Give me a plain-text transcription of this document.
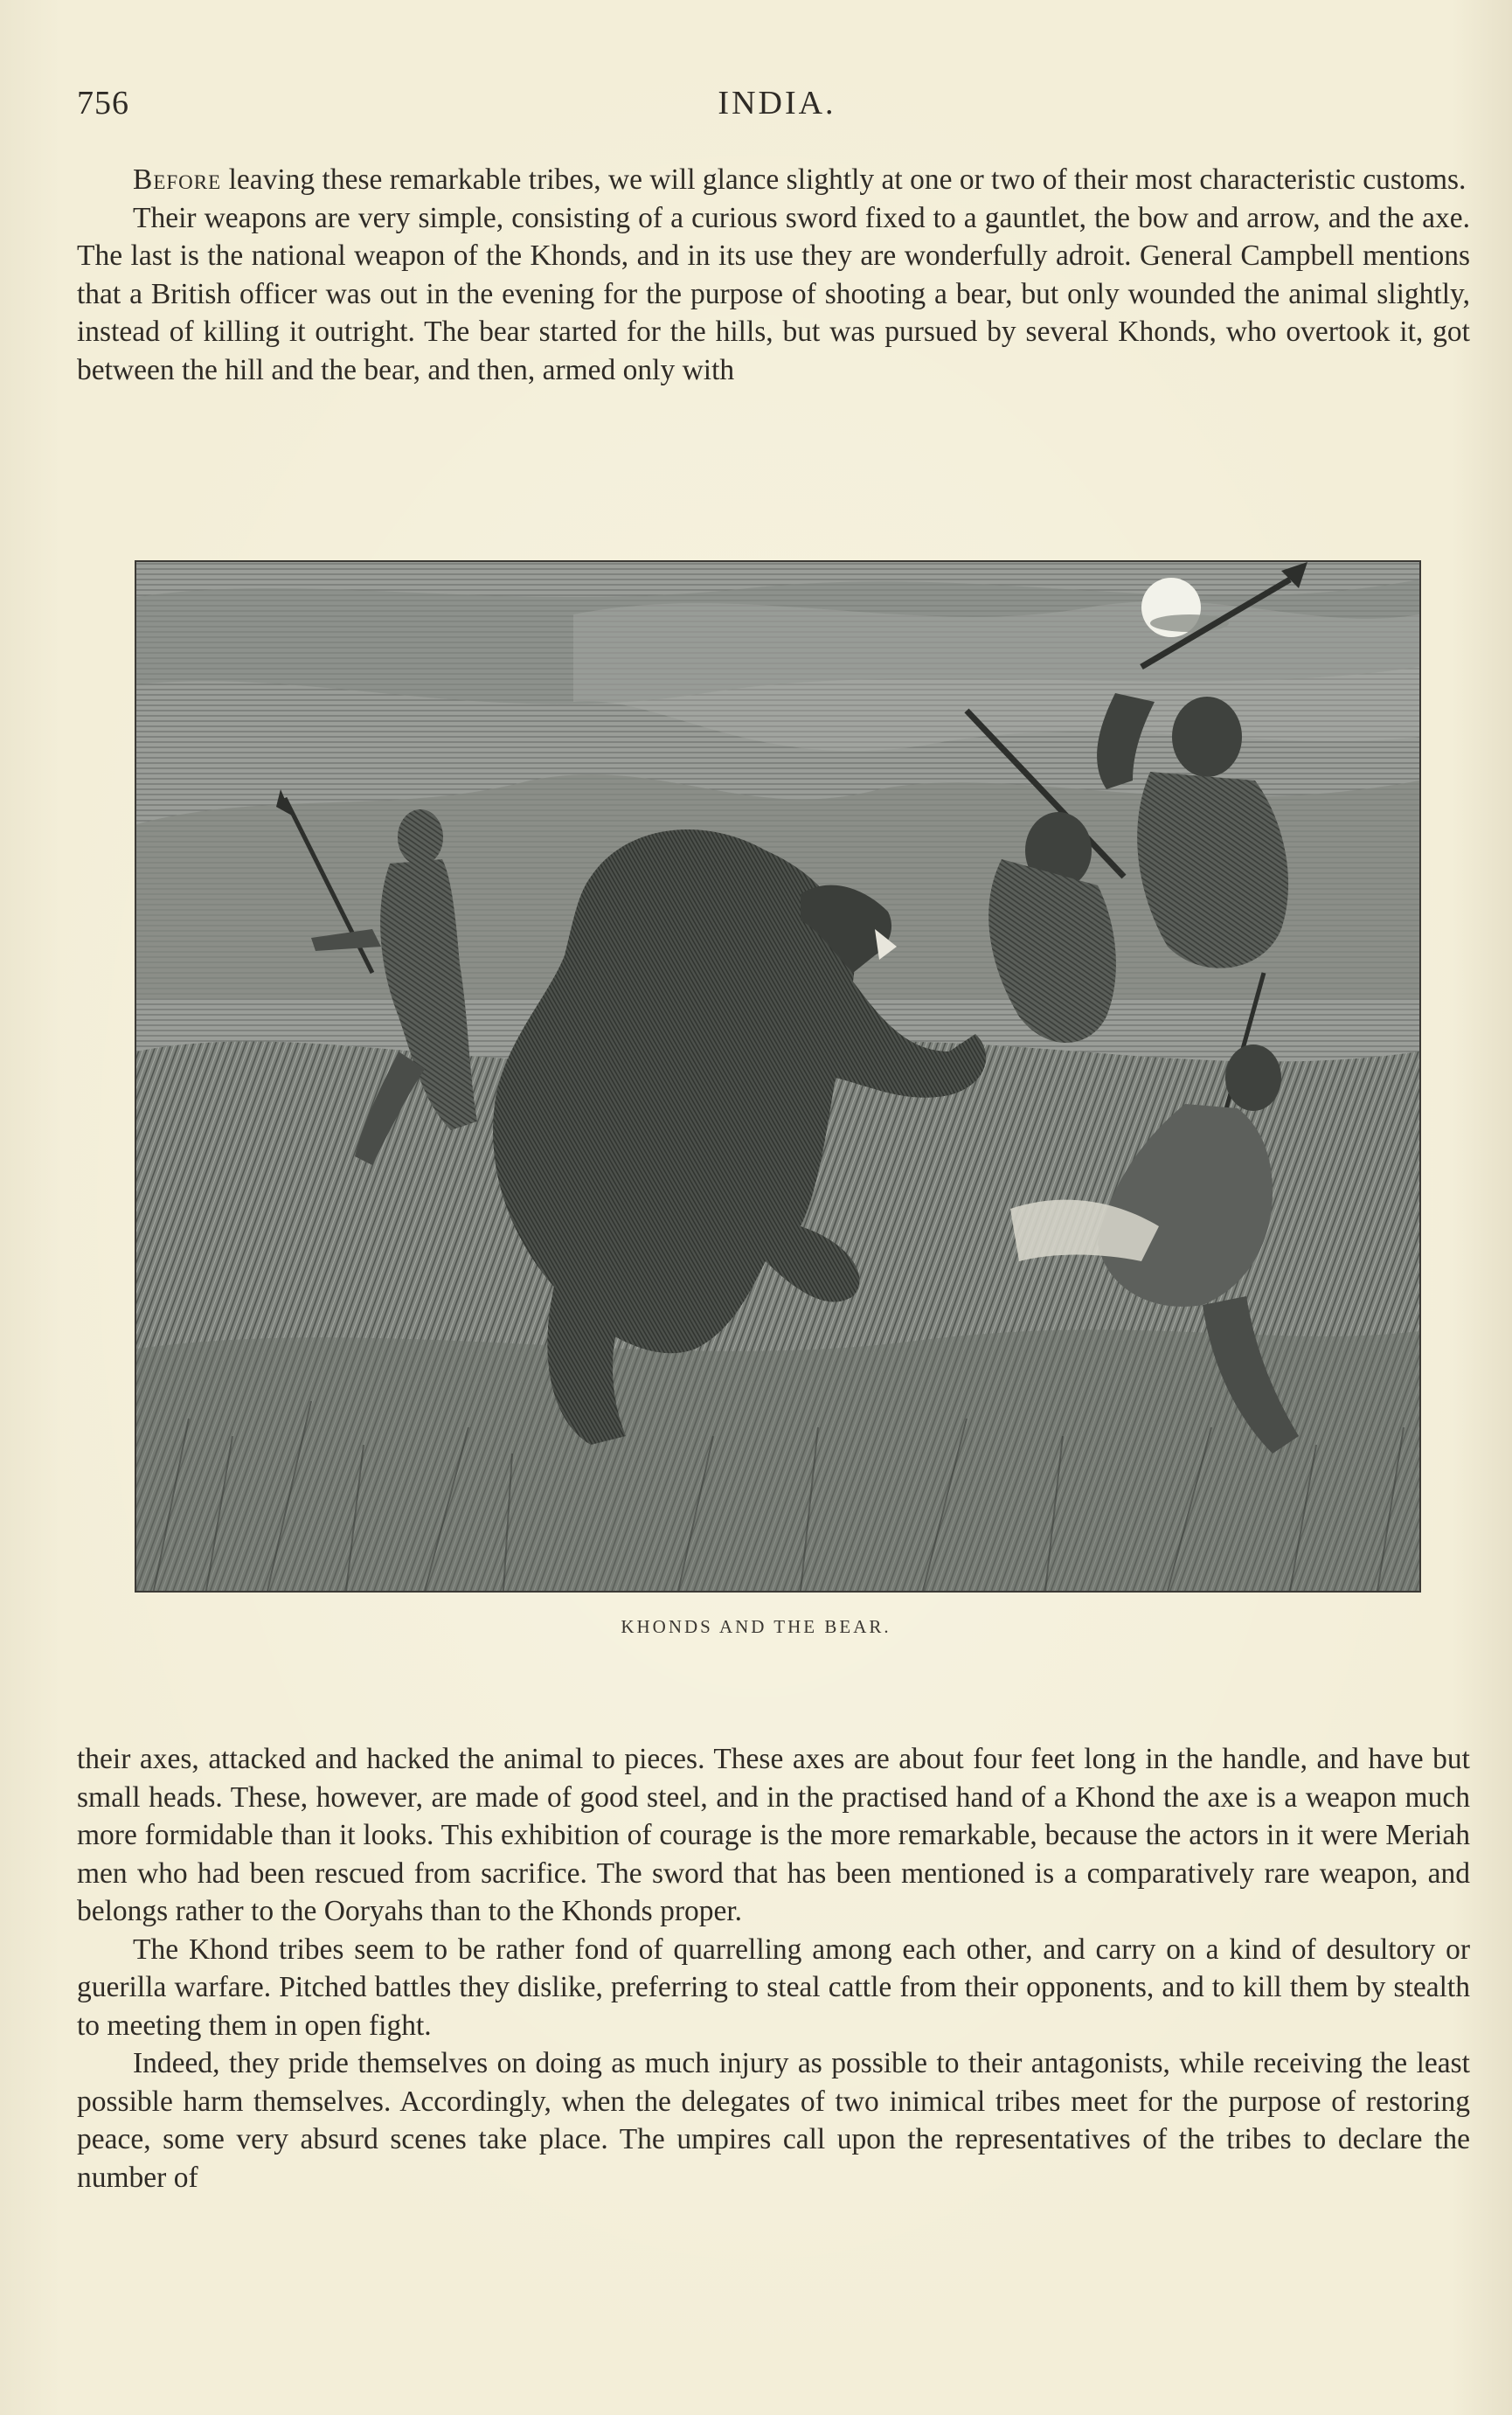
756	INDIA.

Before leaving these remarkable tribes, we will glance slightly at one or two of their most characteristic customs.

Their weapons are very simple, consisting of a curious sword fixed to a gauntlet, the bow and arrow, and the axe. The last is the national weapon of the Khonds, and in its use they are wonderfully adroit. General Campbell mentions that a British officer was out in the evening for the purpose of shooting a bear, but only wounded the animal slightly, instead of killing it outright. The bear started for the hills, but was pursued by several Khonds, who overtook it, got between the hill and the bear, and then, armed only with

KHONDS AND THE BEAR.

their axes, attacked and hacked the animal to pieces. These axes are about four feet long in the handle, and have but small heads. These, however, are made of good steel, and in the practised hand of a Khond the axe is a weapon much more formidable than it looks. This exhibition of courage is the more remarkable, because the actors in it were Meriah men who had been rescued from sacrifice. The sword that has been mentioned is a comparatively rare weapon, and belongs rather to the Ooryahs than to the Khonds proper.

The Khond tribes seem to be rather fond of quarrelling among each other, and carry on a kind of desultory or guerilla warfare. Pitched battles they dislike, preferring to steal cattle from their opponents, and to kill them by stealth to meeting them in open fight.

Indeed, they pride themselves on doing as much injury as possible to their antagonists, while receiving the least possible harm themselves. Accordingly, when the delegates of two inimical tribes meet for the purpose of restoring peace, some very absurd scenes take place. The umpires call upon the representatives of the tribes to declare the number of
